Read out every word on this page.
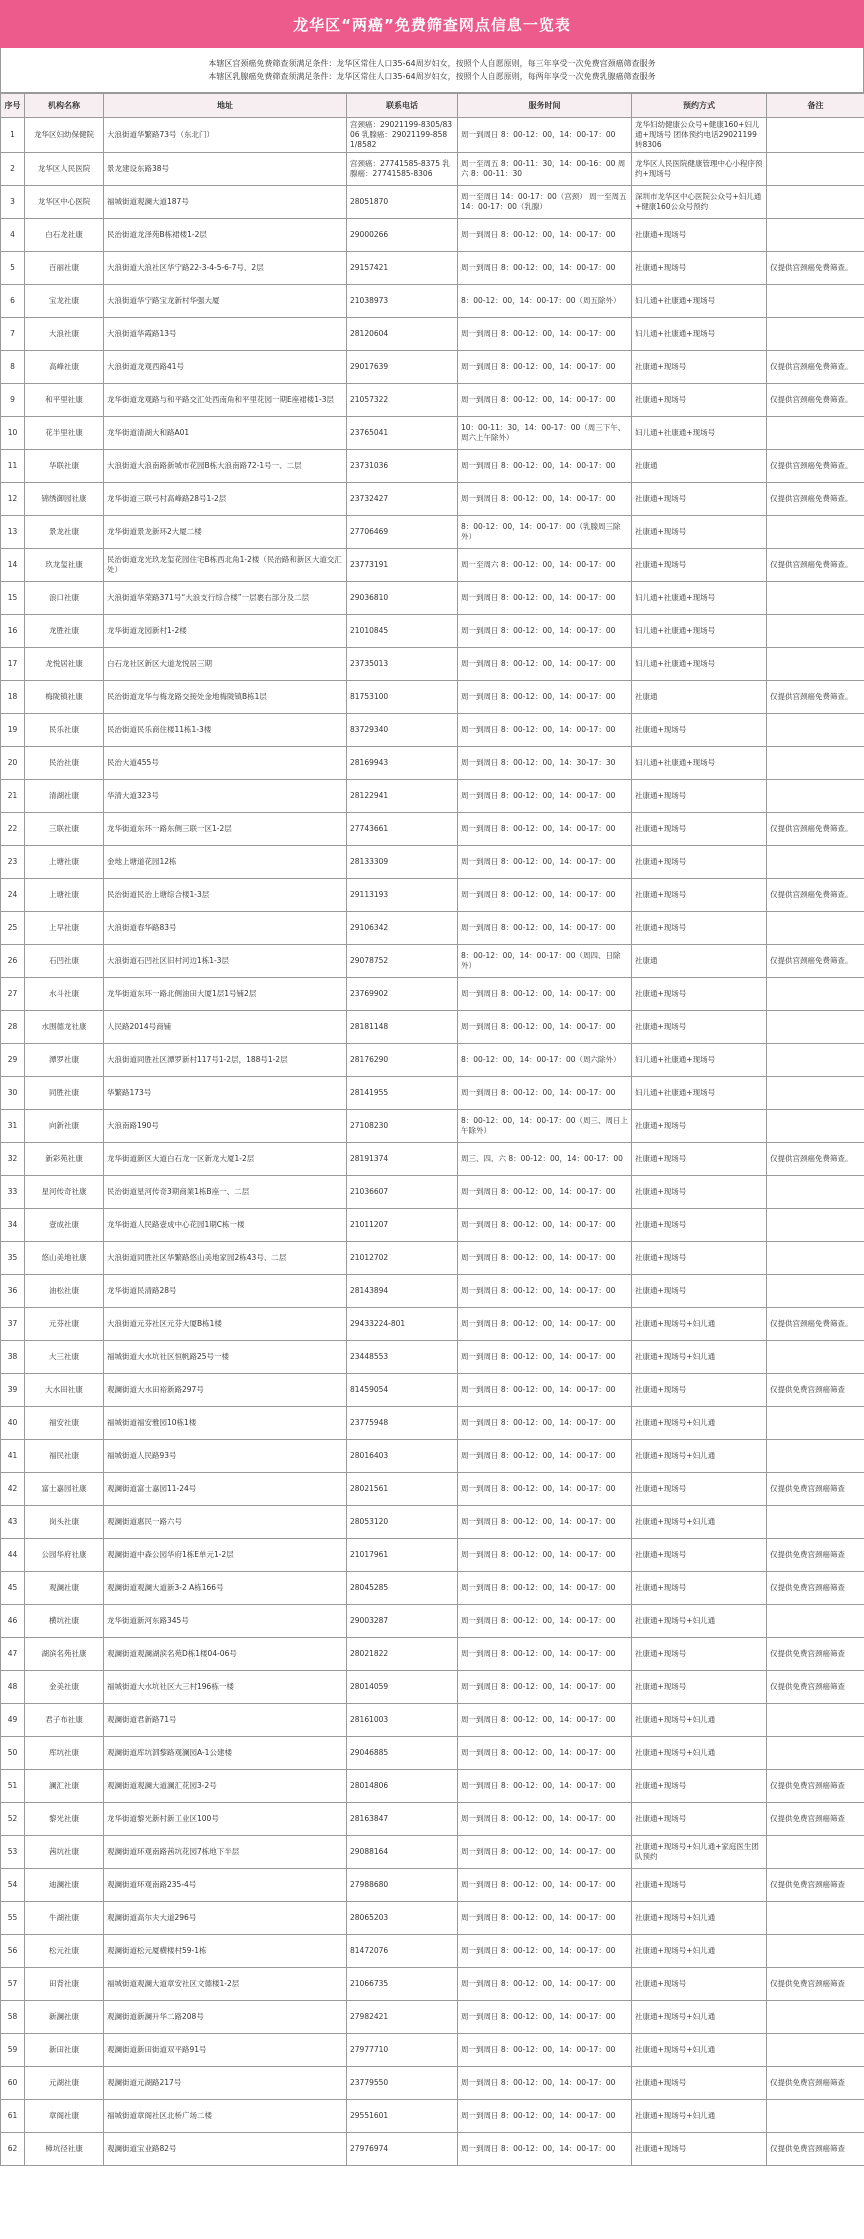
龙华区“两癌”免费筛查网点信息一览表
本辖区宫颈癌免费筛查须满足条件：龙华区常住人口35-64周岁妇女，按照个人自愿原则，每三年享受一次免费宫颈癌筛查服务
本辖区乳腺癌免费筛查须满足条件：龙华区常住人口35-64周岁妇女，按照个人自愿原则，每两年享受一次免费乳腺癌筛查服务
序号	机构名称	地址	联系电话	服务时间	预约方式	备注
1	龙华区妇幼保健院	大浪街道华繁路73号（东北门）	宫颈癌：29021199-8305/8306 乳腺癌：29021199-8581/8582	周一到周日 8：00-12：00，14：00-17：00	龙华妇幼健康公众号+健康160+妇儿通+现场号 团体预约电话29021199转8306	
2	龙华区人民医院	景龙建设东路38号	宫颈癌：27741585-8375 乳腺癌：27741585-8306	周一至周五 8：00-11：30，14：00-16：00 周六 8：00-11：30	龙华区人民医院健康管理中心小程序预约+现场号	
3	龙华区中心医院	福城街道观澜大道187号	28051870	周一至周日 14：00-17：00（宫颈） 周一至周五 14：00-17：00（乳腺）	深圳市龙华区中心医院公众号+妇儿通+健康160公众号预约	
4	白石龙社康	民治街道龙泽苑B栋裙楼1-2层	29000266	周一到周日 8：00-12：00，14：00-17：00	社康通+现场号	
5	百丽社康	大浪街道大浪社区华宁路22-3-4-5-6-7号、2层	29157421	周一到周日 8：00-12：00，14：00-17：00	社康通+现场号	仅提供宫颈癌免费筛查。
6	宝龙社康	大浪街道华宁路宝龙新村华强大厦	21038973	8：00-12：00，14：00-17：00（周五除外）	妇儿通+社康通+现场号	
7	大浪社康	大浪街道华霞路13号	28120604	周一到周日 8：00-12：00，14：00-17：00	妇儿通+社康通+现场号	
8	高峰社康	大浪街道龙观西路41号	29017639	周一到周日 8：00-12：00，14：00-17：00	社康通+现场号	仅提供宫颈癌免费筛查。
9	和平里社康	龙华街道龙观路与和平路交汇处西南角和平里花园一期E座裙楼1-3层	21057322	周一到周日 8：00-12：00，14：00-17：00	社康通+现场号	仅提供宫颈癌免费筛查。
10	花半里社康	龙华街道清湖大和路A01	23765041	10：00-11：30，14：00-17：00（周三下午、周六上午除外）	妇儿通+社康通+现场号	
11	华联社康	大浪街道大浪南路新城市花园B栋大浪南路72-1号一、二层	23731036	周一到周日 8：00-12：00，14：00-17：00	社康通	仅提供宫颈癌免费筛查。
12	锦绣御园社康	龙华街道三联弓村高峰路28号1-2层	23732427	周一到周日 8：00-12：00，14：00-17：00	社康通+现场号	仅提供宫颈癌免费筛查。
13	景龙社康	龙华街道景龙新环2大厦二楼	27706469	8：00-12：00，14：00-17：00（乳腺周三除外）	社康通+现场号	
14	玖龙玺社康	民治街道龙光玖龙玺花园住宅B栋西北角1-2楼（民治路和新区大道交汇处）	23773191	周一至周六 8：00-12：00，14：00-17：00	社康通+现场号	仅提供宫颈癌免费筛查。
15	浪口社康	大浪街道华荣路371号“大浪支行综合楼”一层裹右部分及二层	29036810	周一到周日 8：00-12：00，14：00-17：00	妇儿通+社康通+现场号	
16	龙胜社康	龙华街道龙园新村1-2楼	21010845	周一到周日 8：00-12：00，14：00-17：00	妇儿通+社康通+现场号	
17	龙悦居社康	白石龙社区新区大道龙悦居三期	23735013	周一到周日 8：00-12：00，14：00-17：00	妇儿通+社康通+现场号	
18	梅陇镇社康	民治街道龙华与梅龙路交接处金地梅陇镇B栋1层	81753100	周一到周日 8：00-12：00，14：00-17：00	社康通	仅提供宫颈癌免费筛查。
19	民乐社康	民治街道民乐商住楼11栋1-3楼	83729340	周一到周日 8：00-12：00，14：00-17：00	社康通+现场号	
20	民治社康	民治大道455号	28169943	周一到周日 8：00-12：00，14：30-17：30	妇儿通+社康通+现场号	
21	清湖社康	华清大道323号	28122941	周一到周日 8：00-12：00，14：00-17：00	社康通+现场号	
22	三联社康	龙华街道东环一路东侧三联一区1-2层	27743661	周一到周日 8：00-12：00，14：00-17：00	社康通+现场号	仅提供宫颈癌免费筛查。
23	上塘社康	金地上塘道花园12栋	28133309	周一到周日 8：00-12：00，14：00-17：00	社康通+现场号	
24	上塘社康	民治街道民治上塘综合楼1-3层	29113193	周一到周日 8：00-12：00，14：00-17：00	社康通+现场号	仅提供宫颈癌免费筛查。
25	上早社康	大浪街道春华路83号	29106342	周一到周日 8：00-12：00，14：00-17：00	社康通+现场号	
26	石凹社康	大浪街道石凹社区旧村河边1栋1-3层	29078752	8：00-12：00，14：00-17：00（周四、日除外）	社康通	仅提供宫颈癌免费筛查。
27	水斗社康	龙华街道东环一路北侧油田大厦1层1号铺2层	23769902	周一到周日 8：00-12：00，14：00-17：00	社康通+现场号	
28	水围德龙社康	人民路2014号商铺	28181148	周一到周日 8：00-12：00，14：00-17：00	社康通+现场号	
29	潭罗社康	大浪街道同胜社区潭罗新村117号1-2层，188号1-2层	28176290	8：00-12：00，14：00-17：00（周六除外）	妇儿通+社康通+现场号	
30	同胜社康	华繁路173号	28141955	周一到周日 8：00-12：00，14：00-17：00	妇儿通+社康通+现场号	
31	向新社康	大浪南路190号	27108230	8：00-12：00，14：00-17：00（周三、周日上午除外）	社康通+现场号	
32	新彩苑社康	龙华街道新区大道白石龙一区新龙大厦1-2层	28191374	周三、四、六 8：00-12：00，14：00-17：00	社康通+现场号	仅提供宫颈癌免费筛查。
33	星河传奇社康	民治街道星河传奇3期商業1栋B座一、二层	21036607	周一到周日 8：00-12：00，14：00-17：00	社康通+现场号	
34	壹成社康	龙华街道人民路壹成中心花园1期C栋一楼	21011207	周一到周日 8：00-12：00，14：00-17：00	社康通+现场号	
35	悠山美地社康	大浪街道同胜社区华繁路悠山美地家园2栋43号、二层	21012702	周一到周日 8：00-12：00，14：00-17：00	社康通+现场号	
36	油松社康	龙华街道民清路28号	28143894	周一到周日 8：00-12：00，14：00-17：00	社康通+现场号	
37	元芬社康	大浪街道元芬社区元芬大厦B栋1楼	29433224-801	周一到周日 8：00-12：00，14：00-17：00	社康通+现场号+妇儿通	仅提供宫颈癌免费筛查。
38	大三社康	福城街道大水坑社区恒帆路25号一楼	23448553	周一到周日 8：00-12：00，14：00-17：00	社康通+现场号+妇儿通	
39	大水田社康	观澜街道大水田裕新路297号	81459054	周一到周日 8：00-12：00，14：00-17：00	社康通+现场号	仅提供免费宫颈癌筛查
40	福安社康	福城街道福安雅园10栋1楼	23775948	周一到周日 8：00-12：00，14：00-17：00	社康通+现场号+妇儿通	
41	福民社康	福城街道人民路93号	28016403	周一到周日 8：00-12：00，14：00-17：00	社康通+现场号+妇儿通	
42	富士嘉园社康	观澜街道富士嘉园11-24号	28021561	周一到周日 8：00-12：00，14：00-17：00	社康通+现场号	仅提供免费宫颈癌筛查
43	岗头社康	观澜街道惠民一路六号	28053120	周一到周日 8：00-12：00，14：00-17：00	社康通+现场号+妇儿通	
44	公园华府社康	观澜街道中森公园华府1栋E单元1-2层	21017961	周一到周日 8：00-12：00，14：00-17：00	社康通+现场号	仅提供免费宫颈癌筛查
45	观澜社康	观澜街道观澜大道新3-2 A栋166号	28045285	周一到周日 8：00-12：00，14：00-17：00	社康通+现场号	仅提供免费宫颈癌筛查
46	横坑社康	龙华街道新河东路345号	29003287	周一到周日 8：00-12：00，14：00-17：00	社康通+现场号+妇儿通	
47	湖滨名苑社康	观澜街道观澜湖滨名苑D栋1楼04-06号	28021822	周一到周日 8：00-12：00，14：00-17：00	社康通+现场号	仅提供免费宫颈癌筛查
48	金美社康	福城街道大水坑社区大三村196栋一楼	28014059	周一到周日 8：00-12：00，14：00-17：00	社康通+现场号	仅提供免费宫颈癌筛查
49	君子布社康	观澜街道君新路71号	28161003	周一到周日 8：00-12：00，14：00-17：00	社康通+现场号+妇儿通	
50	库坑社康	观澜街道库坑泗黎路观澜园A-1公建楼	29046885	周一到周日 8：00-12：00，14：00-17：00	社康通+现场号+妇儿通	
51	澜汇社康	观澜街道观澜大道澜汇花园3-2号	28014806	周一到周日 8：00-12：00，14：00-17：00	社康通+现场号	仅提供免费宫颈癌筛查
52	黎光社康	龙华街道黎光新村新工业区100号	28163847	周一到周日 8：00-12：00，14：00-17：00	社康通+现场号	仅提供免费宫颈癌筛查
53	茜坑社康	观澜街道环观南路茜坑花园7栋地下半层	29088164	周一到周日 8：00-12：00，14：00-17：00	社康通+现场号+妇儿通+家庭医生团队预约	
54	迪澜社康	观澜街道环观南路235-4号	27988680	周一到周日 8：00-12：00，14：00-17：00	社康通+现场号	仅提供免费宫颈癌筛查
55	牛湖社康	观澜街道高尔夫大道296号	28065203	周一到周日 8：00-12：00，14：00-17：00	社康通+现场号+妇儿通	
56	松元社康	观澜街道松元厦横楼村59-1栋	81472076	周一到周日 8：00-12：00，14：00-17：00	社康通+现场号+妇儿通	
57	田背社康	福城街道观澜大道章安社区文德楼1-2层	21066735	周一到周日 8：00-12：00，14：00-17：00	社康通+现场号	仅提供免费宫颈癌筛查
58	新澜社康	观澜街道新澜升华二路208号	27982421	周一到周日 8：00-12：00，14：00-17：00	社康通+现场号+妇儿通	
59	新田社康	观澜街道新田街道双平路91号	27977710	周一到周日 8：00-12：00，14：00-17：00	社康通+现场号+妇儿通	
60	元湖社康	观澜街道元湖路217号	23779550	周一到周日 8：00-12：00，14：00-17：00	社康通+现场号	仅提供免费宫颈癌筛查
61	章阁社康	福城街道章阁社区北桥广场二楼	29551601	周一到周日 8：00-12：00，14：00-17：00	社康通+现场号+妇儿通	
62	樟坑径社康	观澜街道宝业路82号	27976974	周一到周日 8：00-12：00，14：00-17：00	社康通+现场号	仅提供免费宫颈癌筛查
